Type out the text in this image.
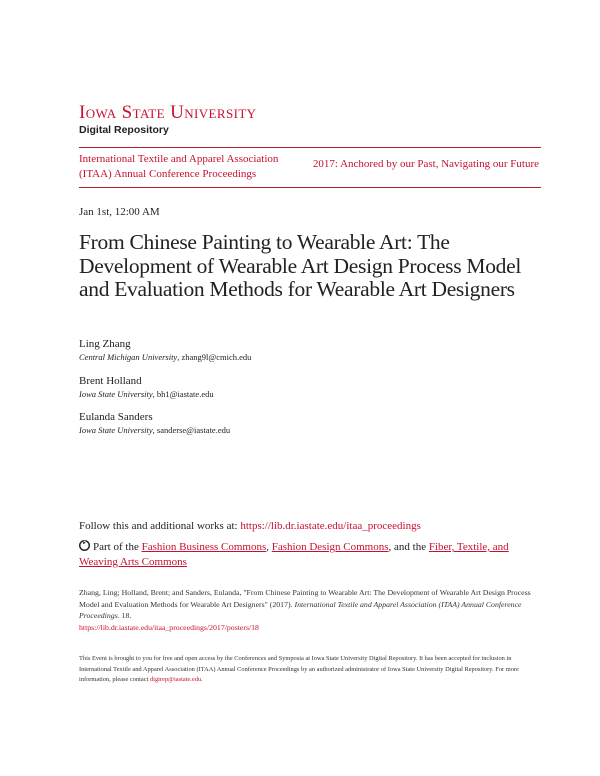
Iowa State University
Digital Repository
International Textile and Apparel Association
(ITAA) Annual Conference Proceedings
2017: Anchored by our Past, Navigating our Future
Jan 1st, 12:00 AM
From Chinese Painting to Wearable Art: The Development of Wearable Art Design Process Model and Evaluation Methods for Wearable Art Designers
Ling Zhang
Central Michigan University, zhang9l@cmich.edu
Brent Holland
Iowa State University, bh1@iastate.edu
Eulanda Sanders
Iowa State University, sanderse@iastate.edu
Follow this and additional works at: https://lib.dr.iastate.edu/itaa_proceedings
Part of the Fashion Business Commons, Fashion Design Commons, and the Fiber, Textile, and Weaving Arts Commons
Zhang, Ling; Holland, Brent; and Sanders, Eulanda, "From Chinese Painting to Wearable Art: The Development of Wearable Art Design Process Model and Evaluation Methods for Wearable Art Designers" (2017). International Textile and Apparel Association (ITAA) Annual Conference Proceedings. 18.
https://lib.dr.iastate.edu/itaa_proceedings/2017/posters/18
This Event is brought to you for free and open access by the Conferences and Symposia at Iowa State University Digital Repository. It has been accepted for inclusion in International Textile and Apparel Association (ITAA) Annual Conference Proceedings by an authorized administrator of Iowa State University Digital Repository. For more information, please contact digirep@iastate.edu.
